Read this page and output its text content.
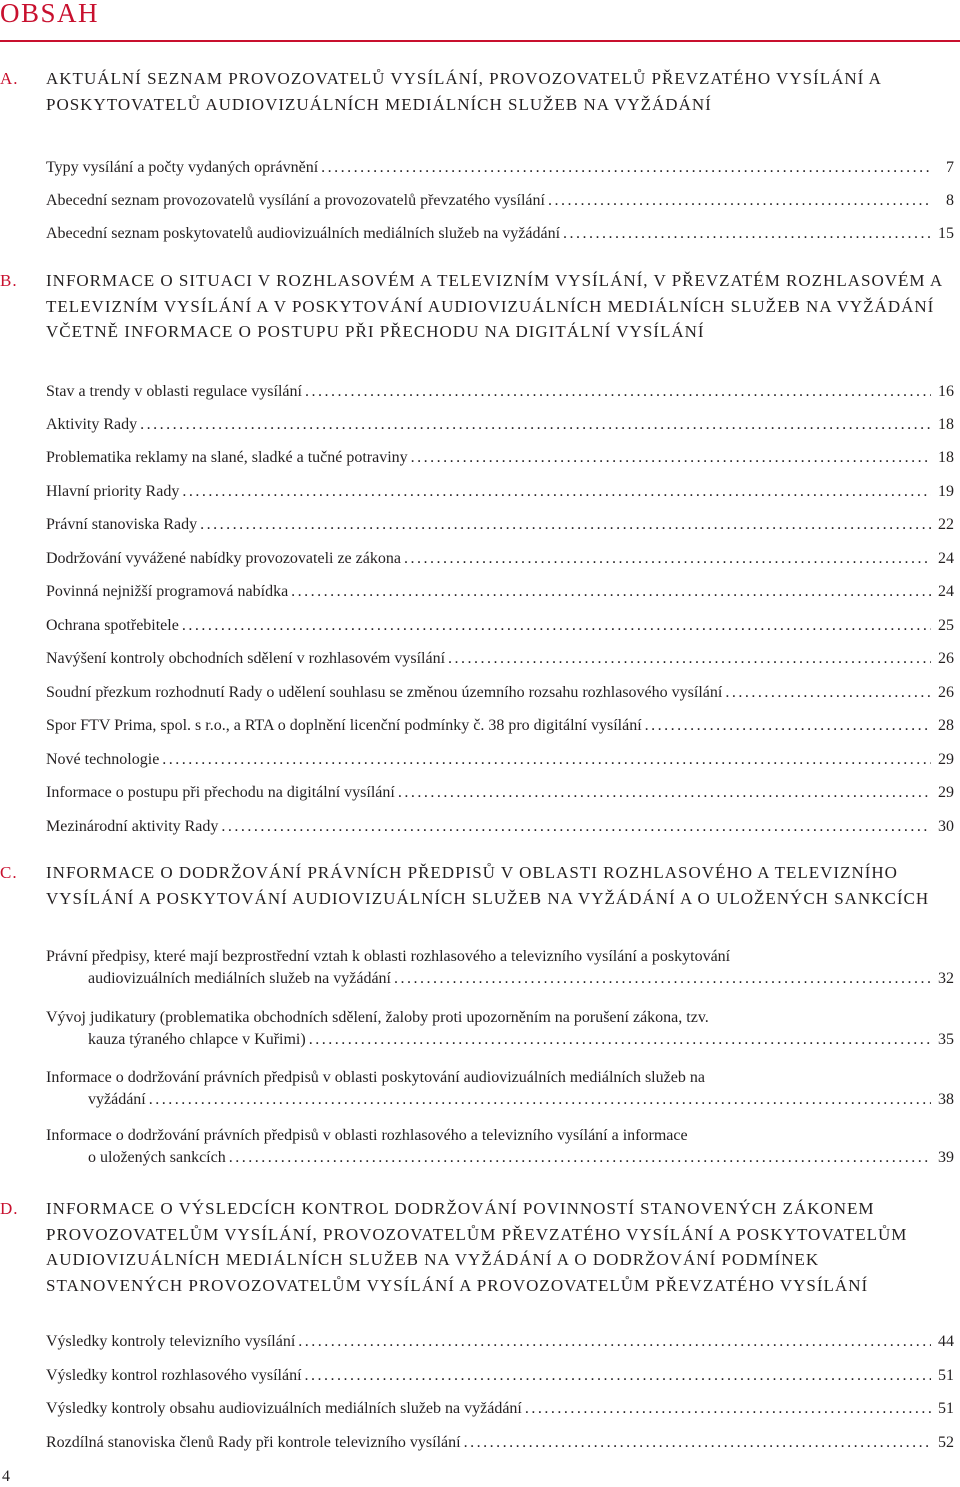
OBSAH
A. AKTUÁLNÍ SEZNAM PROVOZOVATELŮ VYSÍLÁNÍ, PROVOZOVATELŮ PŘEVZATÉHO VYSÍLÁNÍ A POSKYTOVATELŮ AUDIOVIZUÁLNÍCH MEDIÁLNÍCH SLUŽEB NA VYŽÁDÁNÍ
Typy vysílání a počty vydaných oprávnění .....	7
Abecední seznam provozovatelů vysílání a provozovatelů převzatého vysílání .....	8
Abecední seznam poskytovatelů audiovizuálních mediálních služeb na vyžádání .....	15
B. INFORMACE O SITUACI V ROZHLASOVÉM A TELEVIZNÍM VYSÍLÁNÍ, V PŘEVZATÉM ROZHLASOVÉM A TELEVIZNÍM VYSÍLÁNÍ A V POSKYTOVÁNÍ AUDIOVIZUÁLNÍCH MEDIÁLNÍCH SLUŽEB NA VYŽÁDÁNÍ VČETNĚ INFORMACE O POSTUPU PŘI PŘECHODU NA DIGITÁLNÍ VYSÍLÁNÍ
Stav a trendy v oblasti regulace vysílání .....	16
Aktivity Rady .....	18
Problematika reklamy na slané, sladké a tučné potraviny .....	18
Hlavní priority Rady .....	19
Právní stanoviska Rady .....	22
Dodržování vyvážené nabídky provozovateli ze zákona .....	24
Povinná nejnižší programová nabídka .....	24
Ochrana spotřebitele .....	25
Navýšení kontroly obchodních sdělení v rozhlasovém vysílání .....	26
Soudní přezkum rozhodnutí Rady o udělení souhlasu se změnou územního rozsahu rozhlasového vysílání .....	26
Spor FTV Prima, spol. s r.o., a RTA o doplnění licenční podmínky č. 38 pro digitální vysílání .....	28
Nové technologie .....	29
Informace o postupu při přechodu na digitální vysílání .....	29
Mezinárodní aktivity Rady .....	30
C. INFORMACE O DODRŽOVÁNÍ PRÁVNÍCH PŘEDPISŮ V OBLASTI ROZHLASOVÉHO A TELEVIZNÍHO VYSÍLÁNÍ A POSKYTOVÁNÍ AUDIOVIZUÁLNÍCH SLUŽEB NA VYŽÁDÁNÍ A O ULOŽENÝCH SANKCÍCH
Právní předpisy, které mají bezprostřední vztah k oblasti rozhlasového a televizního vysílání a poskytování
audiovizuálních mediálních služeb na vyžádání .....	32
Vývoj judikatury (problematika obchodních sdělení, žaloby proti upozorněním na porušení zákona, tzv.
kauza týraného chlapce v Kuřimi) .....	35
Informace o dodržování právních předpisů v oblasti poskytování audiovizuálních mediálních služeb na
vyžádání .....	38
Informace o dodržování právních předpisů v oblasti rozhlasového a televizního vysílání a informace
o uložených sankcích .....	39
D. INFORMACE O VÝSLEDCÍCH KONTROL DODRŽOVÁNÍ POVINNOSTÍ STANOVENÝCH ZÁKONEM PROVOZOVATELŮM VYSÍLÁNÍ, PROVOZOVATELŮM PŘEVZATÉHO VYSÍLÁNÍ A POSKYTOVATELŮM AUDIOVIZUÁLNÍCH MEDIÁLNÍCH SLUŽEB NA VYŽÁDÁNÍ A O DODRŽOVÁNÍ PODMÍNEK STANOVENÝCH PROVOZOVATELŮM VYSÍLÁNÍ A PROVOZOVATELŮM PŘEVZATÉHO VYSÍLÁNÍ
Výsledky kontroly televizního vysílání .....	44
Výsledky kontrol rozhlasového vysílání .....	51
Výsledky kontroly obsahu audiovizuálních mediálních služeb na vyžádání .....	51
Rozdílná stanoviska členů Rady při kontrole televizního vysílání .....	52
4
